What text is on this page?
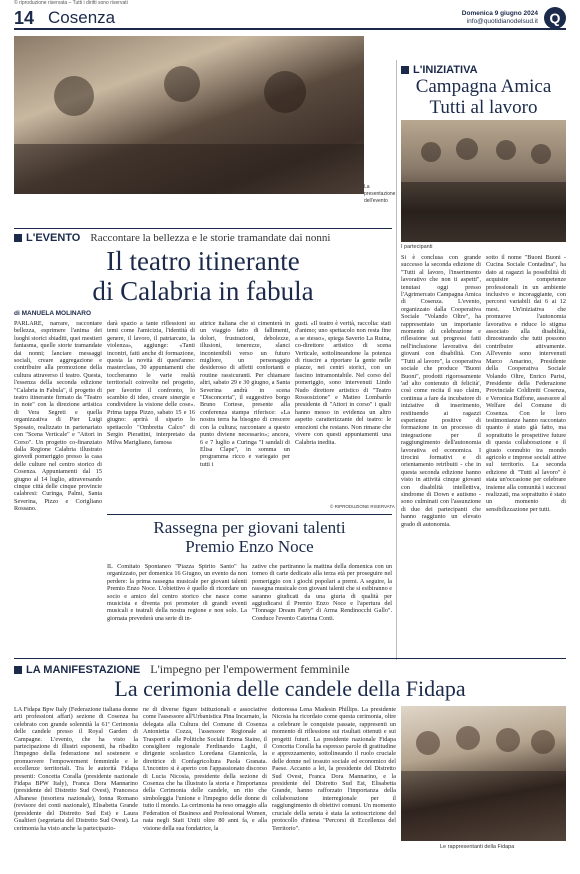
© riproduzione riservata – Tutti i diritti sono riservati
14 Cosenza	Domenica 9 giugno 2024
info@quotidianodelsud.it Q
La presentazione dell'evento
L'INIZIATIVA
Campagna Amica
Tutti al lavoro
I partecipanti
Si è conclusa con grande successo la seconda edizione di "Tutti al lavoro, l'inserimento lavorativo che non ti aspetti", tenutasi oggi presso l'Agrimercato Campagna Amica di Cosenza. L'evento, organizzato dalla Cooperativa Sociale "Volando Oltre", ha rappresentato un importante momento di celebrazione e riflessione sui progressi fatti nell'inclusione lavorativa dei giovani con disabilità. Con "Tutti al lavoro", la cooperativa sociale che produce "Buoni Buoni", prodotti rigorosamente 'ad alto contenuto di felicità', così come recita il suo claim, continua a fare da incubatore di iniziative di inserimento, restituendo ai ragazzi esperienze positive di formazione in un processo di integrazione per il raggiungimento dell'autonomia lavorativa ed economica. I tirocini formativi e di orientamento retribuiti - che in questa seconda edizione hanno visto in attività cinque giovani con disabilità intellettiva, sindrome di Down e autismo - sono culminati con l'assunzione di due dei partecipanti che hanno raggiunto un elevato grado di autonomia.
sotto il nome "Buoni Buoni - Cucina Sociale Contadina", ha dato ai ragazzi la possibilità di acquisire competenze professionali in un ambiente inclusivo e incoraggiante, con percorsi variabili dai 6 ai 12 mesi. Un'iniziativa che promuove l'autonomia lavorativa e riduce lo stigma associato alla disabilità, dimostrando che tutti possono contribuire attivamente. All'evento sono intervenuti Marco Amarino, Presidente della Cooperativa Sociale Volando Oltre, Enrico Parisi, Presidente della Federazione Provinciale Coldiretti Cosenza, e Veronica Buffone, assessore al Welfare del Comune di Cosenza. Con le loro testimonianze hanno raccontato quanto è stato già fatto, ma soprattutto le prospettive future di questa collaborazione e il giusto connubio tra mondo agricolo e imprese sociali attive sul territorio. La seconda edizione di "Tutti al lavoro" è stata un'occasione per celebrare insieme alla comunità i successi realizzati, ma soprattutto è stato un momento di sensibilizzazione per tutti.
L'EVENTO Raccontare la bellezza e le storie tramandate dai nonni
Il teatro itinerante
di Calabria in fabula
di MANUELA MOLINARO
PARLARE, narrare, raccontare bellezza, esprimere l'anima dei luoghi storici sbiaditi, quei mestieri fantasma, quelle storie tramandate dai nonni; lanciare messaggi sociali, creare aggregazione e contribuire alla promozione della cultura attraverso il teatro. Questa, l'essenza della seconda edizione "Calabria in Fabula", il progetto di teatro itinerante firmato da "Teatro in note" con la direzione artistica di Vera Segreti e quella organizzativa di Pier Luigi Sposato, realizzato in partenariato con "Scena Verticale" e "Attori in Corso". Un progetto co-finanziato dalla Regione Calabria illustrato giovedì pomeriggio presso la casa delle culture nel centro storico di Cosenza. Appuntamenti dal 15 giugno al 14 luglio, attraversando cinque città delle cinque provincie calabresi: Curinga, Palmi, Santa Severina, Pizzo e Corigliano Rossano.
darà spazio a tante riflessioni su temi come l'amicizia, l'identità di genere, il lavoro, il patriarcato, la violenza», aggiunge: «Tanti incontri, fatti anche di formazione, questa la novità di quest'anno: masterclass, 30 appuntamenti che toccheranno le varie realtà territoriali coinvolte nel progetto, per favorire il confronto, lo scambio di idee, creare sinergie e condividere la visione delle cose». Prima tappa Pizzo, sabato 15 e 16 giugno: aprirà il sipario lo spettacolo "Ombretta Calco" di Sergio Pierattini, interpretato da Milva Marigliano, famosa
attrice italiana che si cimenterà in un viaggio fatto di fallimenti, dolori, frustrazioni, debolezze, illusioni, tenerezze, slanci incontenibili verso un futuro migliore, un personaggio desideroso di affetti confortanti e routine rassicuranti. Per chiamare altri, sabato 29 e 30 giugno, a Santa Severina andrà in scena "Disconcerta", il suggestivo borgo Bruno Cortese, presente alla conferenza stampa riferisce: «La nostra terra ha bisogno di crescere con la cultura; raccontare a questo punto diviene necessario»; ancora, 6 e 7 luglio a Curinga "I sandali di Elisa Clape", in somma un programma ricco e variegato per tutti i
gusti. «Il teatro è verità, raccolta: stati d'animo; uno spettacolo non resta fine a se stesso», spiega Saverio La Ruina, co-direttore artistico di scena Verticale, sottolineandone la potenza di riuscire a riportare la gente nelle piazze, nei centri storici, con un fascino intramontabile. Nel corso del pomeriggio, sono intervenuti Lindo Nudo direttore artistico di "Teatro Rossosizione" e Matteo Lombardo presidente di "Attori in corso" i quali hanno messo in evidenza un altro aspetto caratterizzante del teatro: le emozioni che restano. Non rimane che vivere con questi appuntamenti una Calabria inedita.
© RIPRODUZIONE RISERVATA
Rassegna per giovani talenti
Premio Enzo Noce
IL Comitato Spontaneo "Piazza Spirito Santo" ha organizzato, per domenica 16 Giugno, un evento da non perdere: la prima rassegna musicale per giovani talenti Premio Enzo Noce. L'obiettivo è quello di ricordare un socio e amico del centro storico che nasce come musicista e diventa poi promoter di grandi eventi musicali e teatrali della nostra regione e non solo. La giornata prevederà una serie di in-
zative che partiranno la mattina della domenica con un torneo di carte dedicato alla terza età per proseguire nel pomeriggio con i giochi popolari a premi. A seguire, la rassegna musicale con giovani talenti che si esibiranno e saranno giudicati da una giuria di qualità per aggiudicarsi il Premio Enzo Noce e l'apertura del "Tonnage Dream Party" di Arma Rendinocchi Gallo". Conduce l'evento Caterina Conti.
LA MANIFESTAZIONE L'impegno per l'empowerment femminile
La cerimonia delle candele della Fidapa
LA Fidapa Bpw Italy (Federazione italiana donne arti professioni affari) sezione di Cosenza ha celebrato con grande solennità la 61ª Cerimonia delle candele presso il Royal Garden di Campagne. L'evento, che ha visto la partecipazione di illustri esponenti, ha ribadito l'impegno della federazione nel sostenere e promuovere l'empowerment femminile e le eccellenze territoriali. Tra le autorità Fidapa presenti: Concetta Coralla (presidente nazionale Fidapa BPW Italy), Franca Dora Mannarino (presidente del Distretto Sud Ovest), Francesca Albanese (tesoriera nazionale), Ionna Romano (revisore dei conti nazionale), Elisabetta Grande (presidente del Distretto Sud Est) e Laura Gualtieri (segretaria del Distretto Sud Ovest). La cerimonia ha visto anche la partecipazio-
ne di diverse figure istituzionali e associative come l'assessore all'Urbanistica Pina Incarnato, la delegata alla Cultura del Comune di Cosenza Antonietta Cozza, l'assessore Regionale ai Trasporti e alle Politiche Sociali Emma Staine, il consigliere regionale Ferdinando Laghi, il dirigente scolastico Loredana Giannicola, la direttrice di Confagricoltura Paola Granata. L'incontro si è aperto con l'appassionato discorso di Lucia Nicosia, presidente della sezione di Cosenza che ha illustrato la storia e l'importanza della Cerimonia delle candele, un rito che simboleggia l'unione e l'impegno delle donne di tutto il mondo. La cerimonia ha reso omaggio alla Federation of Business and Professional Women, nata negli Stati Uniti oltre 80 anni fa, e alla visione della sua fondatrice, la
dottoressa Lena Madesin Phillips. La presidente Nicosia ha ricordato come questa cerimonia, oltre a celebrare le conquiste passate, rappresenti un momento di riflessione sui risultati ottenuti e sui progetti futuri. La presidente nazionale Fidapa Concetta Coralla ha espresso parole di gratitudine e apprezzamento, sottolineando il ruolo cruciale delle donne nel tessuto sociale ed economico del Paese. Accanto a lei, la presidente del Distretto Sud Ovest, Franca Dora Mannarino, e la presidente del Distretto Sud Est, Elisabetta Grande, hanno rafforzato l'importanza della collaborazione interregionale per il raggiungimento di obiettivi comuni. Un momento cruciale della serata è stata la sottoscrizione del protocollo d'intesa "Percorsi di Eccellenza del Territorio".
Le rappresentanti della Fidapa
